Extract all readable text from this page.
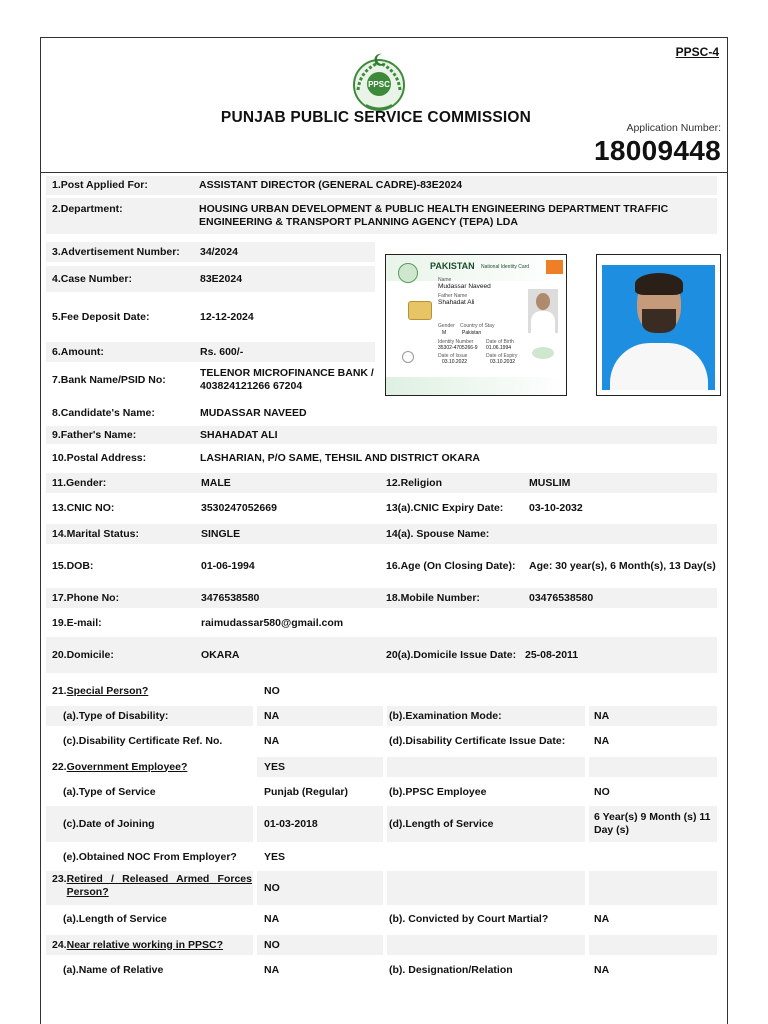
PPSC-4
PPSC
PUNJAB PUBLIC SERVICE COMMISSION
Application Number:
18009448
1.Post Applied For:	ASSISTANT DIRECTOR (GENERAL CADRE)-83E2024
2.Department:	HOUSING URBAN DEVELOPMENT & PUBLIC HEALTH ENGINEERING DEPARTMENT TRAFFIC ENGINEERING & TRANSPORT PLANNING AGENCY (TEPA) LDA
3.Advertisement Number: 34/2024
4.Case Number:	83E2024
5.Fee Deposit Date:	12-12-2024
6.Amount:	Rs. 600/-
7.Bank Name/PSID No:
TELENOR MICROFINANCE BANK / 403824121266 67204
PAKISTAN National Identity Card
Name
Mudassar Naveed
Father Name
Shahadat Ali
Gender Country of Stay
M	Pakistan
Identity Number	Date of Birth
35302-4705266-9 01.06.1994
Date of Issue	Date of Expiry
03.10.2022	03.10.2032
8.Candidate's Name:	MUDASSAR NAVEED
9.Father's Name:	SHAHADAT ALI
10.Postal Address:	LASHARIAN, P/O SAME, TEHSIL AND DISTRICT OKARA
11.Gender:	MALE	12.Religion	MUSLIM
13.CNIC NO:	3530247052669	13(a).CNIC Expiry Date: 03-10-2032
14.Marital Status:	SINGLE	14(a). Spouse Name:
15.DOB:	01-06-1994	16.Age (On Closing Date):	Age: 30 year(s), 6 Month(s), 13 Day(s)
17.Phone No:	3476538580	18.Mobile Number:	03476538580
19.E-mail:	raimudassar580@gmail.com
20.Domicile:	OKARA	20(a).Domicile Issue Date: 25-08-2011
21. Special Person?	NO
(a).Type of Disability:	NA	(b).Examination Mode:	NA
(c).Disability Certificate Ref. No.	NA	(d).Disability Certificate Issue Date:	NA
22. Government Employee?	YES
(a).Type of Service	Punjab (Regular)	(b).PPSC Employee	NO
(c).Date of Joining	01-03-2018	(d).Length of Service
6 Year(s) 9 Month (s) 11 Day (s)
(e).Obtained NOC From Employer?	YES
23. Retired / Released Armed Forces Person?	NO
(a).Length of Service	NA	(b). Convicted by Court Martial?	NA
24. Near relative working in PPSC?	NO
(a).Name of Relative	NA	(b). Designation/Relation	NA
